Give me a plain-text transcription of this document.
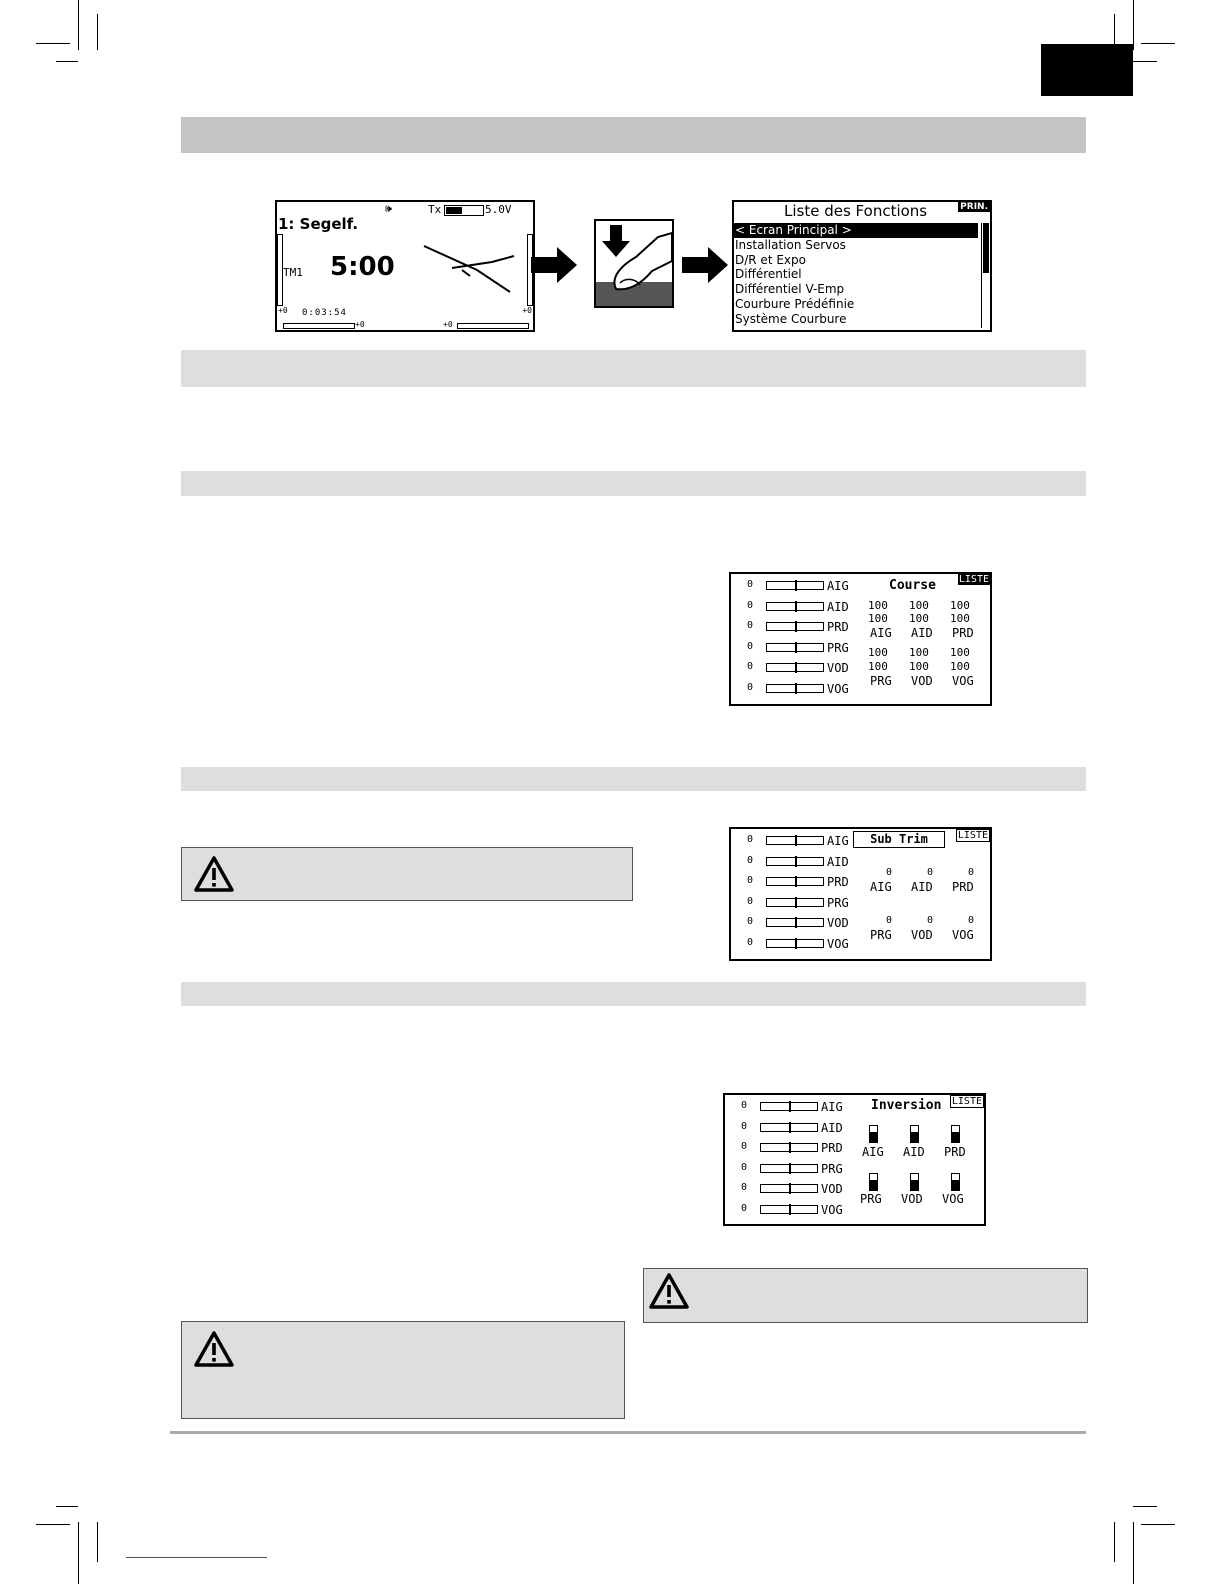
🕪	Tx	5.0V
1: Segelf.
TM1 5:00
+0	+0
0:03:54
+0	+0
Liste des Fonctions	PRIN.
< Ecran Principal >
Installation Servos
D/R et Expo
Différentiel
Différentiel V-Emp
Courbure Prédéfinie
Système Courbure
0	AIG
0	AID
0	PRD
0	PRG
0	VOD
0	VOG
Course LISTE
100 100 100
100 100 100
AIG AID PRD
100 100 100
100 100 100
PRG VOD VOG
0	AIG
0	AID
0	PRD
0	PRG
0	VOD
0	VOG
Sub Trim	LISTE
0	0	0
AIG AID PRD
0	0	0
PRG VOD VOG
0	AIG
0	AID
0	PRD
0	PRG
0	VOD
0	VOG
Inversion LISTE
AIG AID PRD
PRG VOD VOG
